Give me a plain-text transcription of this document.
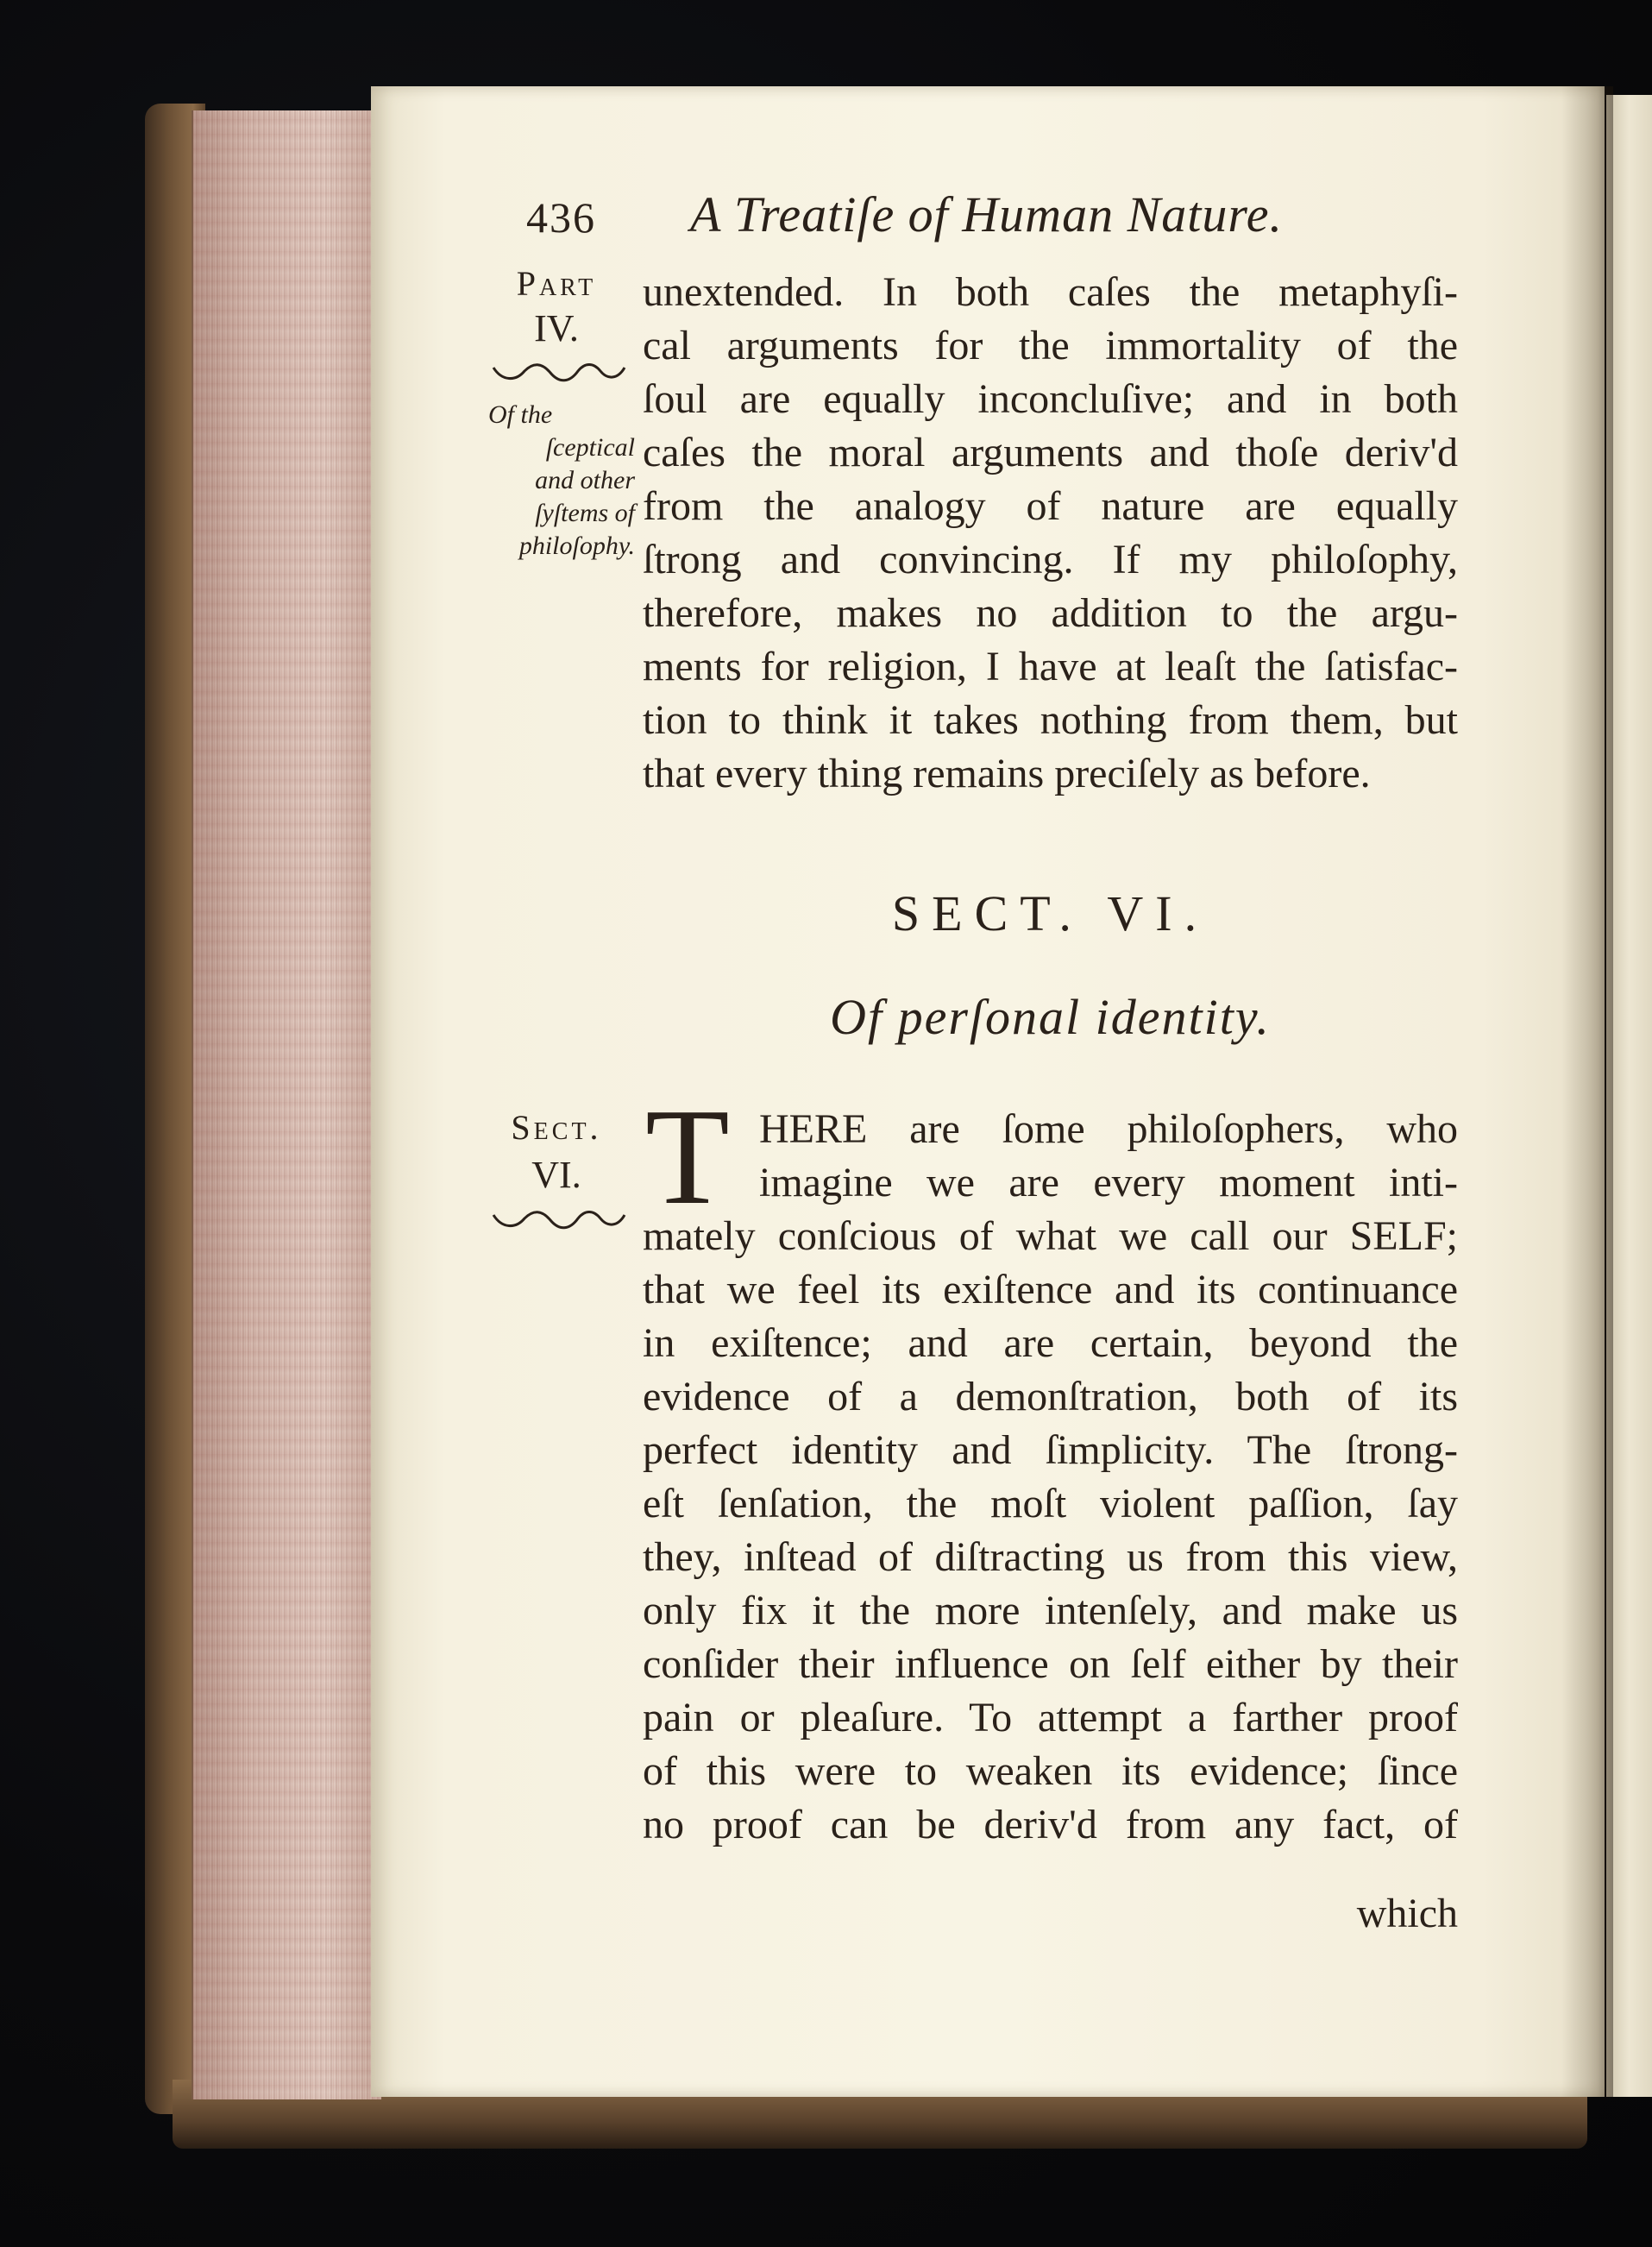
436 A Treatiſe of Human Nature.
Part
IV.
Of the
ſceptical
and other
ſyſtems of
philoſophy.
unextended. In both caſes the metaphyſi-
cal arguments for the immortality of the
ſoul are equally inconcluſive; and in both
caſes the moral arguments and thoſe deriv'd
from the analogy of nature are equally
ſtrong and convincing. If my philoſophy,
therefore, makes no addition to the argu-
ments for religion, I have at leaſt the ſatisfac-
tion to think it takes nothing from them, but
that every thing remains preciſely as before.
SECT. VI.
Of perſonal identity.
Sect.
VI. T HERE are ſome philoſophers, who
imagine we are every moment inti-
mately conſcious of what we call our SELF;
that we feel its exiſtence and its continuance
in exiſtence; and are certain, beyond the
evidence of a demonſtration, both of its
perfect identity and ſimplicity. The ſtrong-
eſt ſenſation, the moſt violent paſſion, ſay
they, inſtead of diſtracting us from this view,
only fix it the more intenſely, and make us
conſider their influence on ſelf either by their
pain or pleaſure. To attempt a farther proof
of this were to weaken its evidence; ſince
no proof can be deriv'd from any fact, of
which
